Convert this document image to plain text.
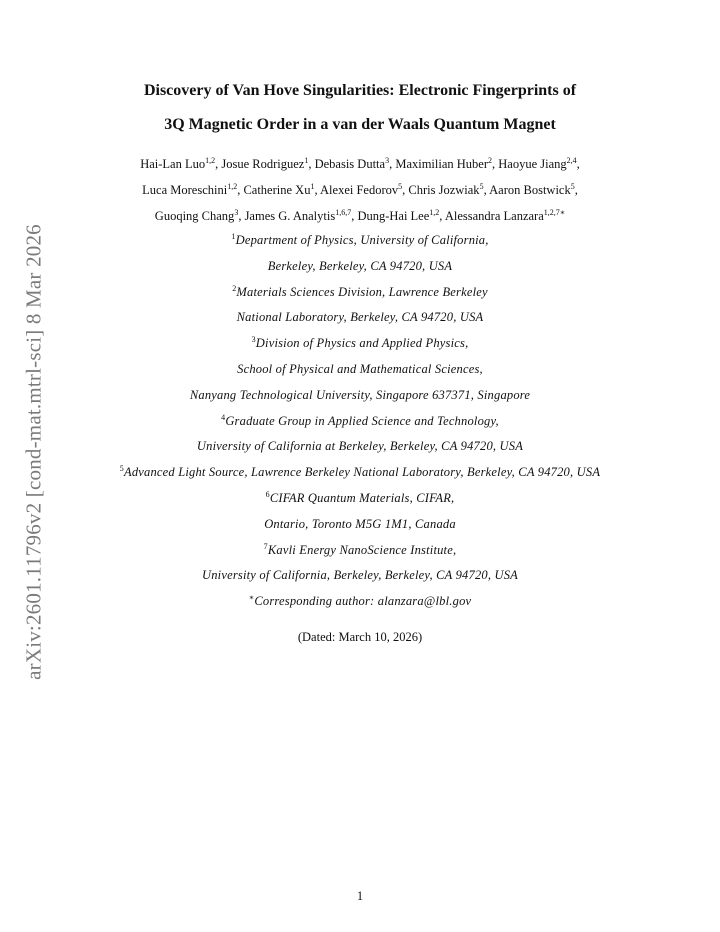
arXiv:2601.11796v2 [cond-mat.mtrl-sci] 8 Mar 2026
Discovery of Van Hove Singularities: Electronic Fingerprints of
3Q Magnetic Order in a van der Waals Quantum Magnet
Hai-Lan Luo$^{1,2}$, Josue Rodriguez$^1$, Debasis Dutta$^3$, Maximilian Huber$^2$, Haoyue Jiang$^{2,4}$,
Luca Moreschini$^{1,2}$, Catherine Xu$^1$, Alexei Fedorov$^5$, Chris Jozwiak$^5$, Aaron Bostwick$^5$,
Guoqing Chang$^3$, James G. Analytis$^{1,6,7}$, Dung-Hai Lee$^{1,2}$, Alessandra Lanzara$^{1,2,7∗}$
$^1$Department of Physics, University of California,
Berkeley, Berkeley, CA 94720, USA
$^2$Materials Sciences Division, Lawrence Berkeley
National Laboratory, Berkeley, CA 94720, USA
$^3$Division of Physics and Applied Physics,
School of Physical and Mathematical Sciences,
Nanyang Technological University, Singapore 637371, Singapore
$^4$Graduate Group in Applied Science and Technology,
University of California at Berkeley, Berkeley, CA 94720, USA
$^5$Advanced Light Source, Lawrence Berkeley National Laboratory, Berkeley, CA 94720, USA
$^6$CIFAR Quantum Materials, CIFAR,
Ontario, Toronto M5G 1M1, Canada
$^7$Kavli Energy NanoScience Institute,
University of California, Berkeley, Berkeley, CA 94720, USA
∗Corresponding author: alanzara@lbl.gov
(Dated: March 10, 2026)
1
